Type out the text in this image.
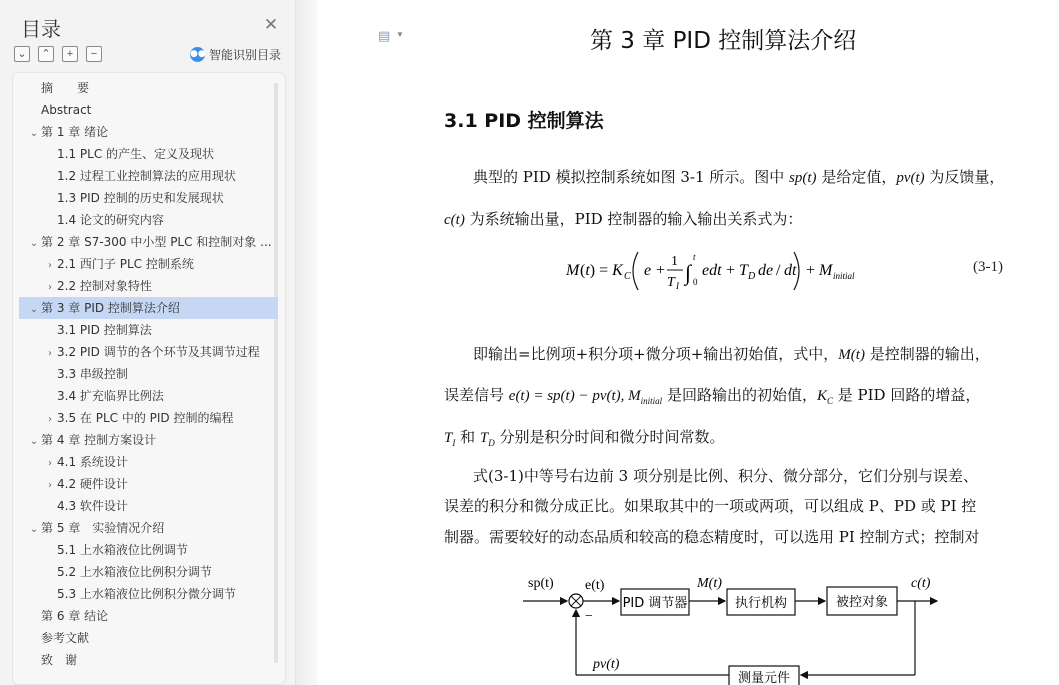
目录	✕
⌄	⌃	+	−	●● 智能识别目录
摘　　要
Abstract
⌄ 第 1 章 绪论
1.1 PLC 的产生、定义及现状
1.2 过程工业控制算法的应用现状
1.3 PID 控制的历史和发展现状
1.4 论文的研究内容
⌄ 第 2 章 S7-300 中小型 PLC 和控制对象 ...
› 2.1 西门子 PLC 控制系统
› 2.2 控制对象特性
⌄ 第 3 章 PID 控制算法介绍
3.1 PID 控制算法
› 3.2 PID 调节的各个环节及其调节过程
3.3 串级控制
3.4 扩充临界比例法
› 3.5 在 PLC 中的 PID 控制的编程
⌄ 第 4 章 控制方案设计
› 4.1 系统设计
› 4.2 硬件设计
4.3 软件设计
⌄ 第 5 章　实验情况介绍
5.1 上水箱液位比例调节
5.2 上水箱液位比例积分调节
5.3 上水箱液位比例积分微分调节
第 6 章 结论
参考文献
致　谢
▤ ▼	第 3 章 PID 控制算法介绍
3.1 PID 控制算法
典型的 PID 模拟控制系统如图 3-1 所示。图中 sp(t) 是给定值，pv(t) 为反馈量，
c(t) 为系统输出量，PID 控制器的输入输出关系式为：
M (t) = K C e +
1
T I
∫
t
0
edt + T D de / dt + M initial
(3-1)
即输出=比例项+积分项+微分项+输出初始值，式中，M(t) 是控制器的输出，
误差信号 e(t) = sp(t) − pv(t), $M_{initial}$ 是回路输出的初始值，$K_C$ 是 PID 回路的增益，
$T_I$ 和 $T_D$ 分别是积分时间和微分时间常数。
式(3-1)中等号右边前 3 项分别是比例、积分、微分部分，它们分别与误差、
误差的积分和微分成正比。如果取其中的一项或两项，可以组成 P、PD 或 PI 控
制器。需要较好的动态品质和较高的稳态精度时，可以选用 PI 控制方式；控制对
sp(t) e(t)
−
PID 调节器
M(t)
执行机构	被控对象
c(t)
测量元件
pv(t)
